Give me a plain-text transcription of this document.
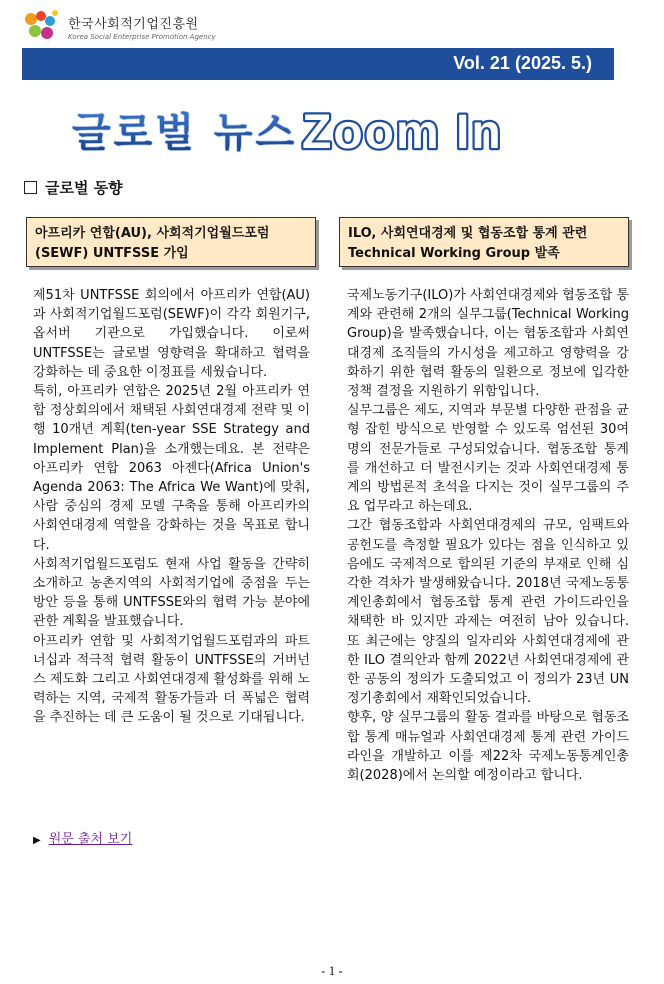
한국사회적기업진흥원
Korea Social Enterprise Promotion Agency
Vol. 21 (2025. 5.)
글로벌 뉴스 Zoom In
글로벌 동향
아프리카 연합(AU), 사회적기업월드포럼(SEWF) UNTFSSE 가입
ILO, 사회연대경제 및 협동조합 통계 관련 Technical Working Group 발족

제51차 UNTFSSE 회의에서 아프리카 연합(AU)과 사회적기업월드포럼(SEWF)이 각각 회원기구, 옵서버 기관으로 가입했습니다. 이로써 UNTFSSE는 글로벌 영향력을 확대하고 협력을 강화하는 데 중요한 이정표를 세웠습니다.

특히, 아프리카 연합은 2025년 2월 아프리카 연합 정상회의에서 채택된 사회연대경제 전략 및 이행 10개년 계획(ten-year SSE Strategy and Implement Plan)을 소개했는데요. 본 전략은 아프리카 연합 2063 아젠다(Africa Union's Agenda 2063: The Africa We Want)에 맞춰, 사람 중심의 경제 모델 구축을 통해 아프리카의 사회연대경제 역할을 강화하는 것을 목표로 합니다.

사회적기업월드포럼도 현재 사업 활동을 간략히 소개하고 농촌지역의 사회적기업에 중점을 두는 방안 등을 통해 UNTFSSE와의 협력 가능 분야에 관한 계획을 발표했습니다.

아프리카 연합 및 사회적기업월드포럼과의 파트너십과 적극적 협력 활동이 UNTFSSE의 거버넌스 제도화 그리고 사회연대경제 활성화를 위해 노력하는 지역, 국제적 활동가들과 더 폭넓은 협력을 추진하는 데 큰 도움이 될 것으로 기대됩니다.

▶ 원문 출처 보기

국제노동기구(ILO)가 사회연대경제와 협동조합 통계와 관련해 2개의 실무그룹(Technical Working Group)을 발족했습니다. 이는 협동조합과 사회연대경제 조직들의 가시성을 제고하고 영향력을 강화하기 위한 협력 활동의 일환으로 정보에 입각한 정책 결정을 지원하기 위함입니다.

실무그룹은 제도, 지역과 부문별 다양한 관점을 균형 잡힌 방식으로 반영할 수 있도록 엄선된 30여 명의 전문가들로 구성되었습니다. 협동조합 통계를 개선하고 더 발전시키는 것과 사회연대경제 통계의 방법론적 초석을 다지는 것이 실무그룹의 주요 업무라고 하는데요.

그간 협동조합과 사회연대경제의 규모, 임팩트와 공헌도를 측정할 필요가 있다는 점을 인식하고 있음에도 국제적으로 합의된 기준의 부재로 인해 심각한 격차가 발생해왔습니다. 2018년 국제노동통계인총회에서 협동조합 통계 관련 가이드라인을 채택한 바 있지만 과제는 여전히 남아 있습니다. 또 최근에는 양질의 일자리와 사회연대경제에 관한 ILO 결의안과 함께 2022년 사회연대경제에 관한 공동의 정의가 도출되었고 이 정의가 23년 UN 정기총회에서 재확인되었습니다.

향후, 양 실무그룹의 활동 결과를 바탕으로 협동조합 통계 매뉴얼과 사회연대경제 통계 관련 가이드라인을 개발하고 이를 제22차 국제노동통계인총회(2028)에서 논의할 예정이라고 합니다.

- 1 -
